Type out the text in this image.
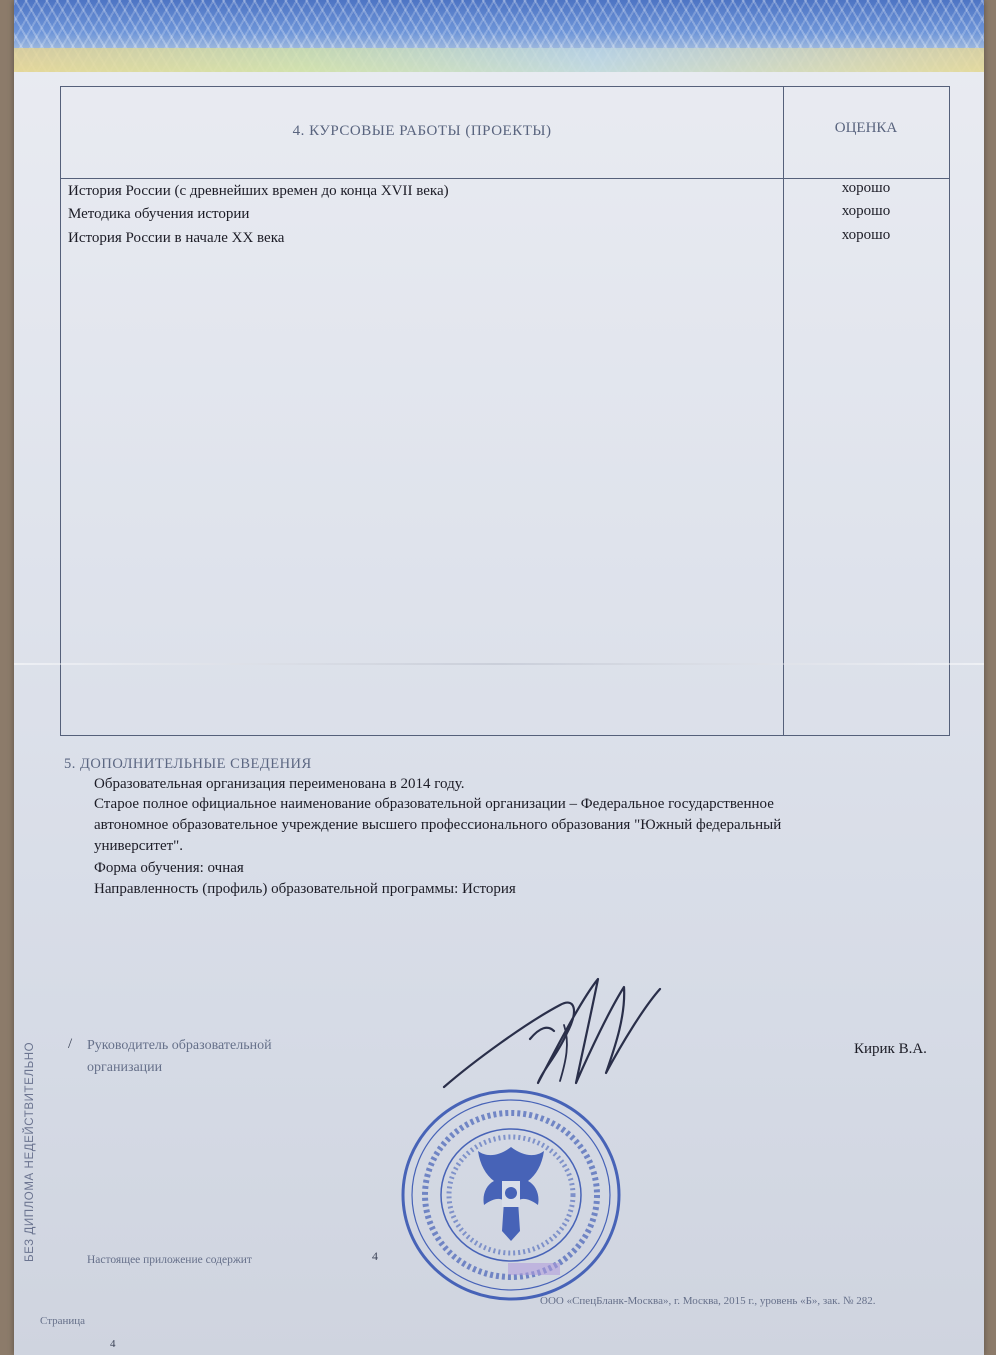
4. КУРСОВЫЕ РАБОТЫ (ПРОЕКТЫ)	ОЦЕНКА
История России (с древнейших времен до конца XVII века)	хорошо
Методика обучения истории	хорошо
История России в начале XX века	хорошо
5. ДОПОЛНИТЕЛЬНЫЕ СВЕДЕНИЯ
Образовательная организация переименована в 2014 году.
Старое полное официальное наименование образовательной организации – Федеральное государственное
автономное образовательное учреждение высшего профессионального образования "Южный федеральный
университет".
Форма обучения: очная
Направленность (профиль) образовательной программы: История
БЕЗ ДИПЛОМА НЕДЕЙСТВИТЕЛЬНО / Руководитель образовательной
организации
Кирик В.А.
Настоящее приложение содержит	4
ООО «СпецБланк-Москва», г. Москва, 2015 г., уровень «Б», зак. № 282.
Страница
4
